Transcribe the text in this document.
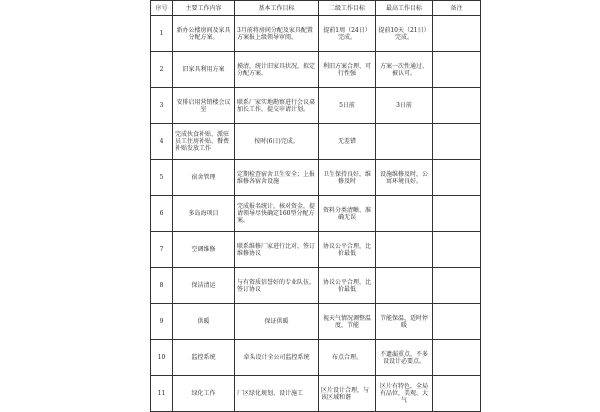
序号	主要工作内容	基本工作目标	二级工作目标	最高工作目标	备注
1	新办公楼房间及家具分配方案。	3月前将房间分配及家具配置方案报上级领导审阅。	提前1周（24日）完成。	提前10天（21日）完成。	
2	旧家具利用方案	摸清，统计旧家具状况，拟定分配方案。	利旧方案合理、可行性强	方案一次性通过、被认可。	
3	安排启用营销楼会议室	联系厂家实地勘察进行会议桌加长工作，提交申请计划。	5日前	3日前	
4	完成伙食补贴、派驻员工住房补贴、餐费补贴发放工作	按时(6日)完成。	无差错		
5	宿舍管理	定期检查宿舍卫生安全；上报维修各宿舍设施	卫生保持良好，维修及时	设施维修及时，公寓环境良好。	
6	多岛海项目	完成报名统计，核对资金，提请领导尽快确定160型分配方案。	资料分类清晰、准确无误		
7	空调维修	联系维修厂家进行比对，签订维修协议	协议公平合理，比价最低		
8	保洁清运	与有资质信誉好的专业队伍，签订协议	协议公平合理，比价最低		
9	供暖	保证供暖	视天气情况调整温度，节能	节能保温，适时停暖	
10	监控系统	牵头设计全公司监控系统	布点合理。	不遗漏重点，不多设设计必要点。	
11	绿化工作	厂区绿化规划、设计施工	区片设计合理，与该区域和谐	区片有特色，全局有品位，美观、大气	
